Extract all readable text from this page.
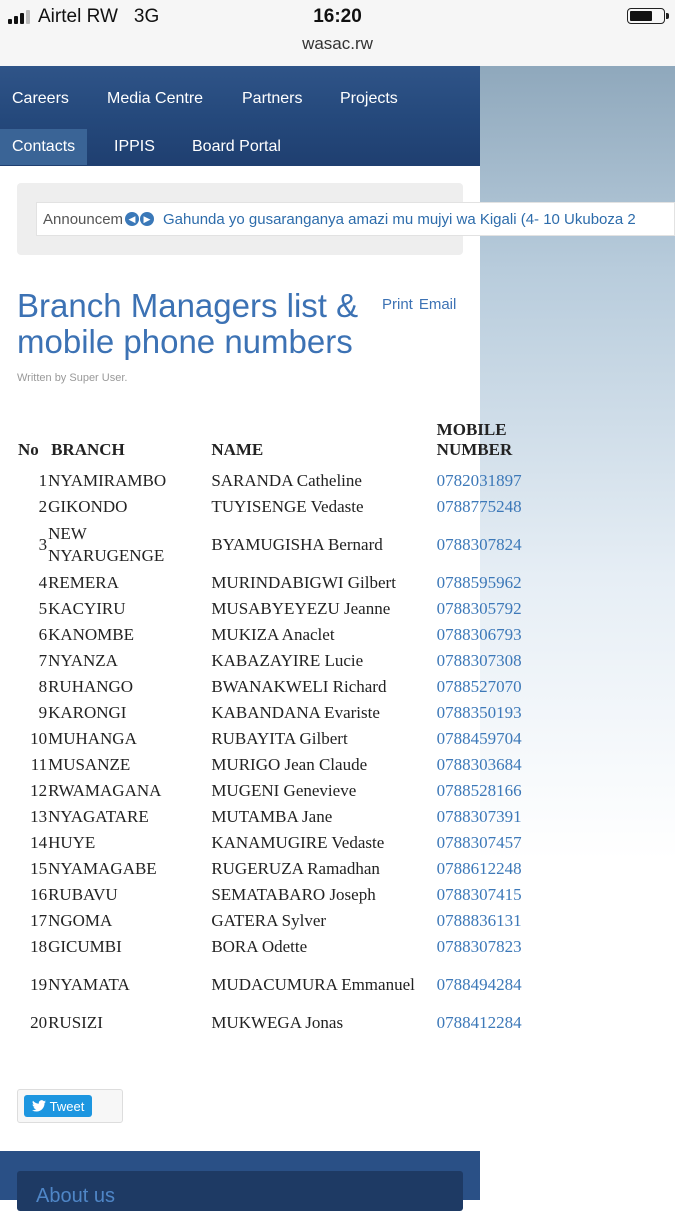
Airtel RW 3G	16:20
wasac.rw
Careers Media Centre Partners Projects
Contacts	IPPIS Board Portal
Announcem ◀ ▶ Gahunda yo gusaranganya amazi mu mujyi wa Kigali (4- 10 Ukuboza 2
Branch Managers list & mobile phone numbers
Print Email
Written by Super User.
No	BRANCH	NAME	MOBILE NUMBER
1	NYAMIRAMBO	SARANDA Catheline	0782031897
2	GIKONDO	TUYISENGE Vedaste	0788775248
3	NEW NYARUGENGE	BYAMUGISHA Bernard	0788307824
4	REMERA	MURINDABIGWI Gilbert	0788595962
5	KACYIRU	MUSABYEYEZU Jeanne	0788305792
6	KANOMBE	MUKIZA Anaclet	0788306793
7	NYANZA	KABAZAYIRE Lucie	0788307308
8	RUHANGO	BWANAKWELI Richard	0788527070
9	KARONGI	KABANDANA Evariste	0788350193
10	MUHANGA	RUBAYITA Gilbert	0788459704
11	MUSANZE	MURIGO Jean Claude	0788303684
12	RWAMAGANA	MUGENI Genevieve	0788528166
13	NYAGATARE	MUTAMBA Jane	0788307391
14	HUYE	KANAMUGIRE Vedaste	0788307457
15	NYAMAGABE	RUGERUZA Ramadhan	0788612248
16	RUBAVU	SEMATABARO Joseph	0788307415
17	NGOMA	GATERA Sylver	0788836131
18	GICUMBI	BORA Odette	0788307823
19	NYAMATA	MUDACUMURA Emmanuel	0788494284
20	RUSIZI	MUKWEGA Jonas	0788412284
Tweet
About us
